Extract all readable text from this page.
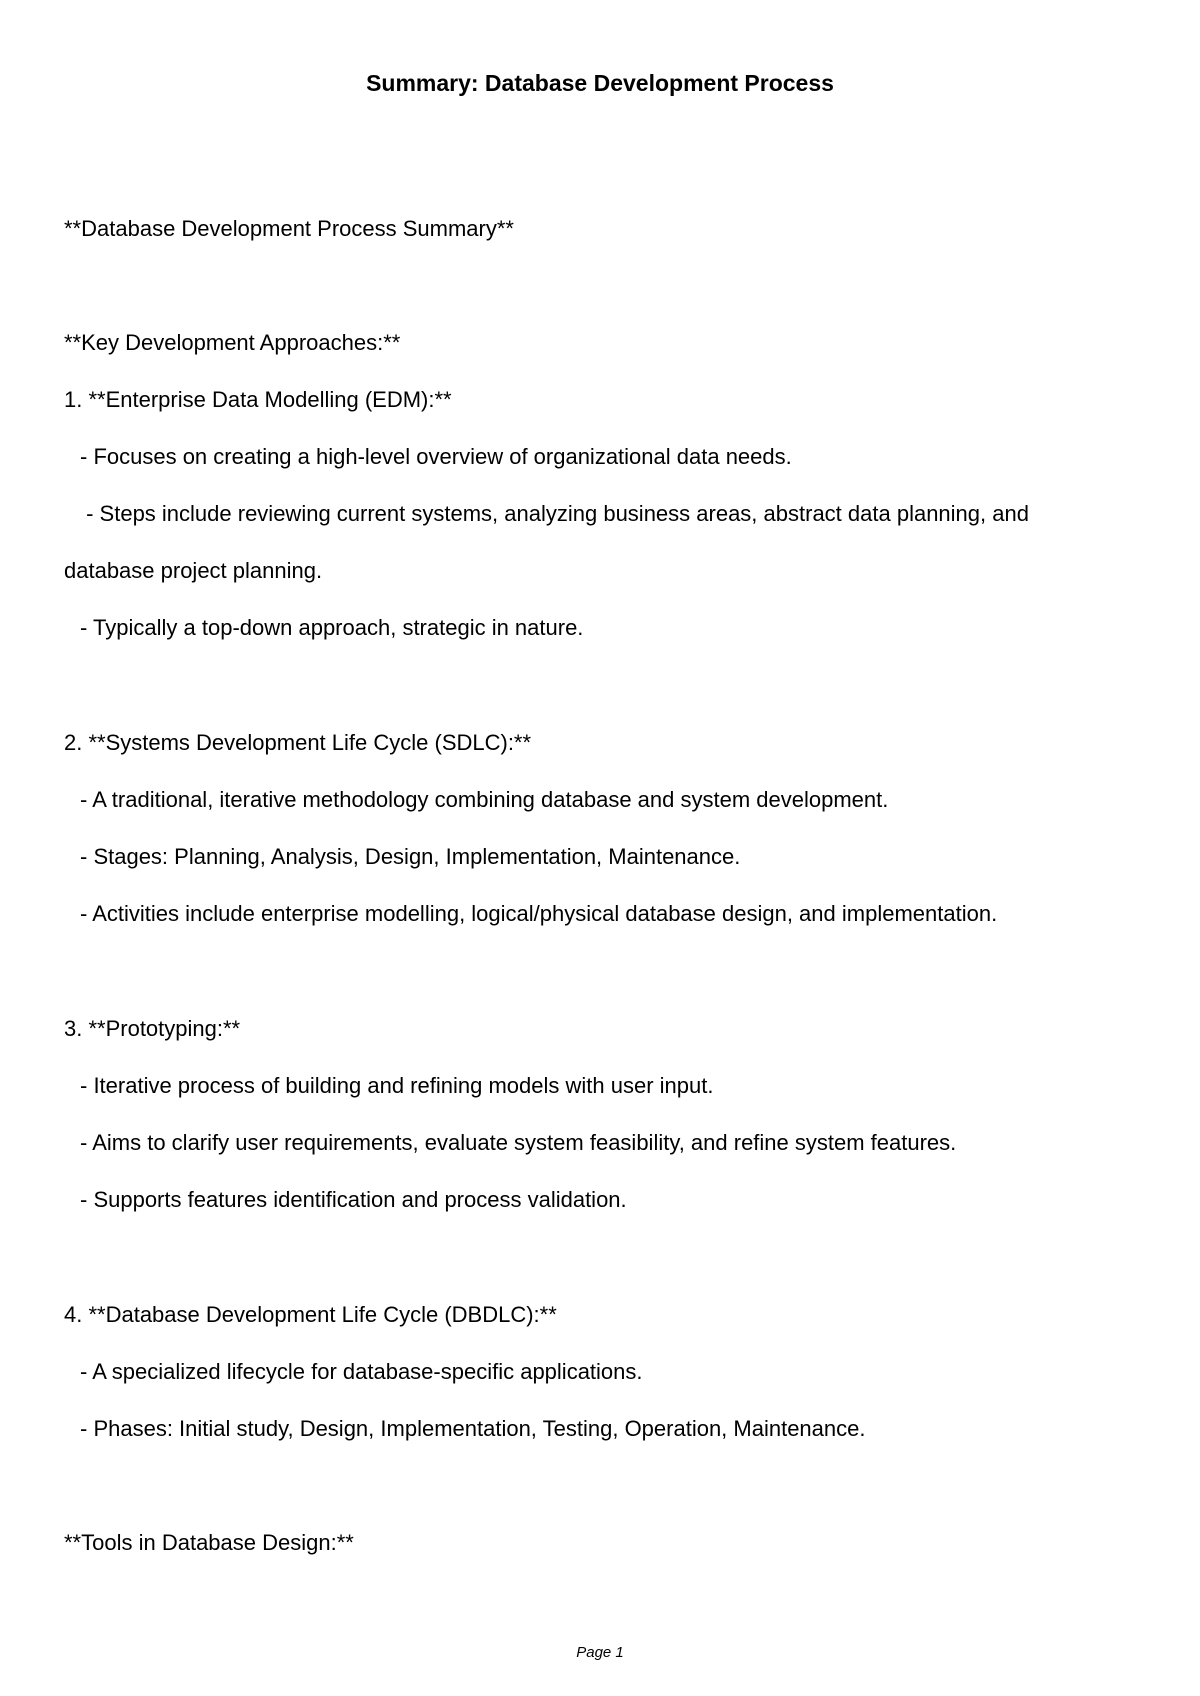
Summary: Database Development Process
**Database Development Process Summary**
**Key Development Approaches:**
1. **Enterprise Data Modelling (EDM):**
- Focuses on creating a high-level overview of organizational data needs.
- Steps include reviewing current systems, analyzing business areas, abstract data planning, and
database project planning.
- Typically a top-down approach, strategic in nature.
2. **Systems Development Life Cycle (SDLC):**
- A traditional, iterative methodology combining database and system development.
- Stages: Planning, Analysis, Design, Implementation, Maintenance.
- Activities include enterprise modelling, logical/physical database design, and implementation.
3. **Prototyping:**
- Iterative process of building and refining models with user input.
- Aims to clarify user requirements, evaluate system feasibility, and refine system features.
- Supports features identification and process validation.
4. **Database Development Life Cycle (DBDLC):**
- A specialized lifecycle for database-specific applications.
- Phases: Initial study, Design, Implementation, Testing, Operation, Maintenance.
**Tools in Database Design:**
Page 1
